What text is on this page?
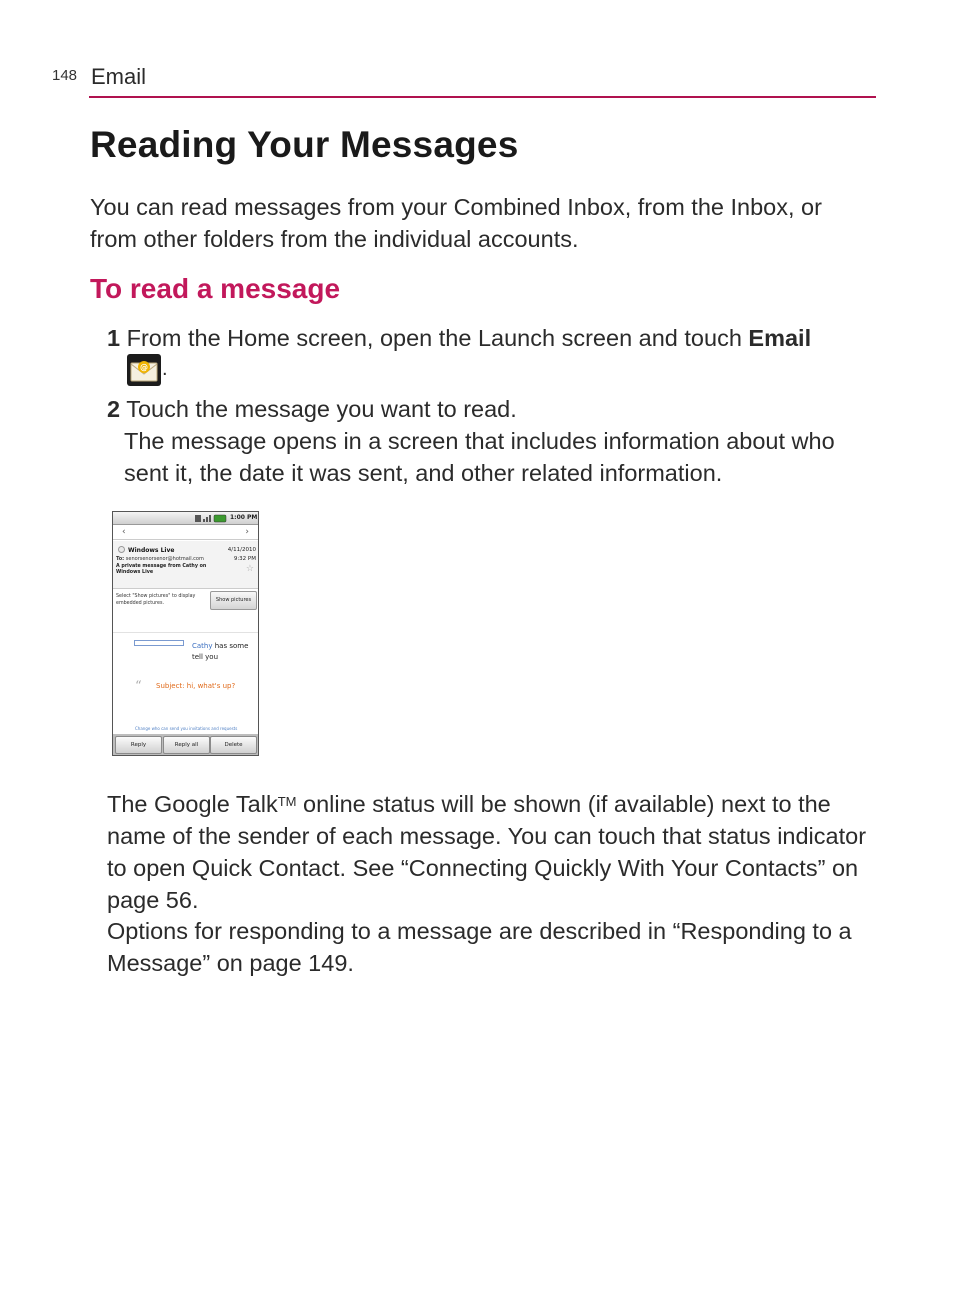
148 Email
Reading Your Messages

You can read messages from your Combined Inbox, from the Inbox, or from other folders from the individual accounts.

To read a message
1 From the Home screen, open the Launch screen and touch Email
@ .
2 Touch the message you want to read.

The message opens in a screen that includes information about who sent it, the date it was sent, and other related information.

1:00 PM
‹	›
Windows Live	4/11/2010
To: senorsenorsenor@hotmail.com	9:32 PM
A private message from Cathy on Windows Live	☆
Select "Show pictures" to display embedded pictures.	Show pictures
Cathy has some
tell you
“ Subject: hi, what's up?
Change who can send you invitations and requests
Reply	Reply all	Delete

The Google Talk™ online status will be shown (if available) next to the name of the sender of each message. You can touch that status indicator to open Quick Contact. See “Connecting Quickly With Your Contacts” on page 56.

Options for responding to a message are described in “Responding to a Message” on page 149.
